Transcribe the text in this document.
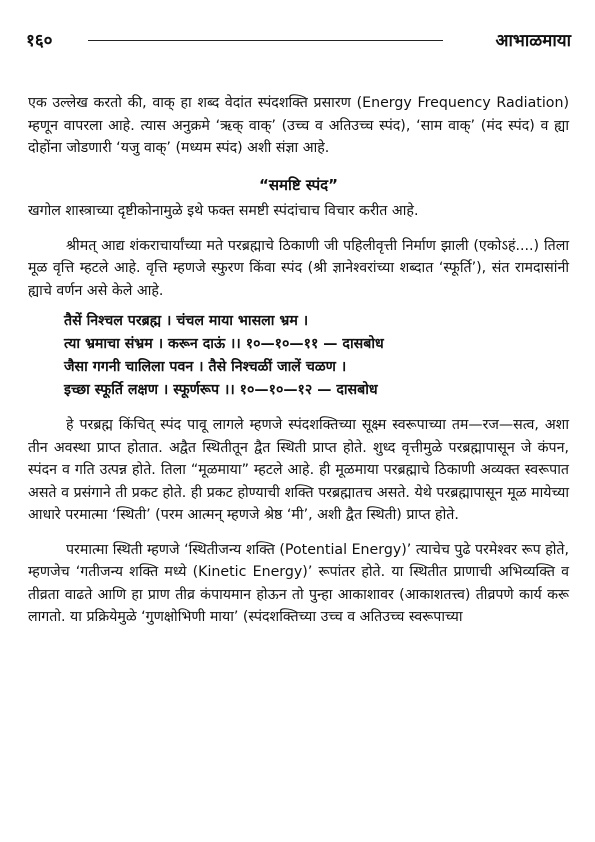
१६०	आभाळमाया

एक उल्लेख करतो की, वाक् हा शब्द वेदांत स्पंदशक्ति प्रसारण (Energy Frequency Radiation) म्हणून वापरला आहे. त्यास अनुक्रमे ‘ऋक् वाक्’ (उच्च व अतिउच्च स्पंद), ‘साम वाक्’ (मंद स्पंद) व ह्या दोहोंना जोडणारी ‘यजु वाक्’ (मध्यम स्पंद) अशी संज्ञा आहे.

“समष्टि स्पंद”

खगोल शास्त्राच्या दृष्टीकोनामुळे इथे फक्त समष्टी स्पंदांचाच विचार करीत आहे.

श्रीमत् आद्य शंकराचार्यांच्या मते परब्रह्माचे ठिकाणी जी पहिलीवृत्ती निर्माण झाली (एकोऽहं....) तिला मूळ वृत्ति म्हटले आहे. वृत्ति म्हणजे स्फुरण किंवा स्पंद (श्री ज्ञानेश्वरांच्या शब्दात ‘स्फूर्ति’), संत रामदासांनी ह्याचे वर्णन असे केले आहे.

तैसें निश्चल परब्रह्म । चंचल माया भासला भ्रम ।
त्या भ्रमाचा संभ्रम । करून दाऊं ।। १०—१०—११ — दासबोध
जैसा गगनी चालिला पवन । तैसे निश्चळीं जालें चळण ।
इच्छा स्फूर्ति लक्षण । स्फूर्णरूप ।। १०—१०—१२ — दासबोध

हे परब्रह्म किंचित् स्पंद पावू लागले म्हणजे स्पंदशक्तिच्या सूक्ष्म स्वरूपाच्या तम—रज—सत्व, अशा तीन अवस्था प्राप्त होतात. अद्वैत स्थितीतून द्वैत स्थिती प्राप्त होते. शुध्द वृत्तीमुळे परब्रह्मापासून जे कंपन, स्पंदन व गति उत्पन्न होते. तिला “मूळमाया” म्हटले आहे. ही मूळमाया परब्रह्माचे ठिकाणी अव्यक्त स्वरूपात असते व प्रसंगाने ती प्रकट होते. ही प्रकट होण्याची शक्ति परब्रह्मातच असते. येथे परब्रह्मापासून मूळ मायेच्या आधारे परमात्मा ‘स्थिती’ (परम आत्मन् म्हणजे श्रेष्ठ ‘मी’, अशी द्वैत स्थिती) प्राप्त होते.

परमात्मा स्थिती म्हणजे ‘स्थितीजन्य शक्ति (Potential Energy)’ त्याचेच पुढे परमेश्वर रूप होते, म्हणजेच ‘गतीजन्य शक्ति मध्ये (Kinetic Energy)’ रूपांतर होते. या स्थितीत प्राणाची अभिव्यक्ति व तीव्रता वाढते आणि हा प्राण तीव्र कंपायमान होऊन तो पुन्हा आकाशावर (आकाशतत्त्व) तीव्रपणे कार्य करू लागतो. या प्रक्रियेमुळे ‘गुणक्षोभिणी माया’ (स्पंदशक्तिच्या उच्च व अतिउच्च स्वरूपाच्या
